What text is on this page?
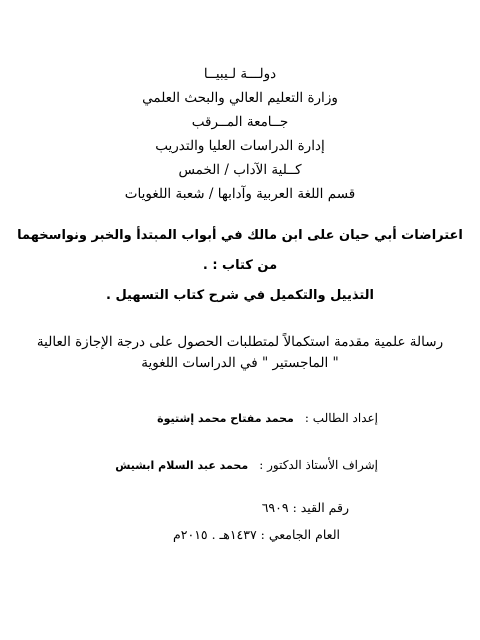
دولـــة لـيبيــا
وزارة التعليم العالي والبحث العلمي
جــامعة المــرقب
إدارة الدراسات العليا والتدريب
كــلية الآداب / الخمس
قسم اللغة العربية وآدابها / شعبة اللغويات
اعتراضات أبي حيان على ابن مالك في أبواب المبتدأ والخبر ونواسخهما
من كتاب : .
التذييل والتكميل في شرح كتاب التسهيل .
رسالة علمية مقدمة استكمالاً لمتطلبات الحصول على درجة الإجازة العالية
" الماجستير " في الدراسات اللغوية
إعداد الطالب : محمد مفتاح محمد إشتيوة
إشراف الأستاذ الدكتور : محمد عبد السلام ابشيش
رقم القيد : ٦٩٠٩
العام الجامعي : ١٤٣٧هـ . ٢٠١٥م
